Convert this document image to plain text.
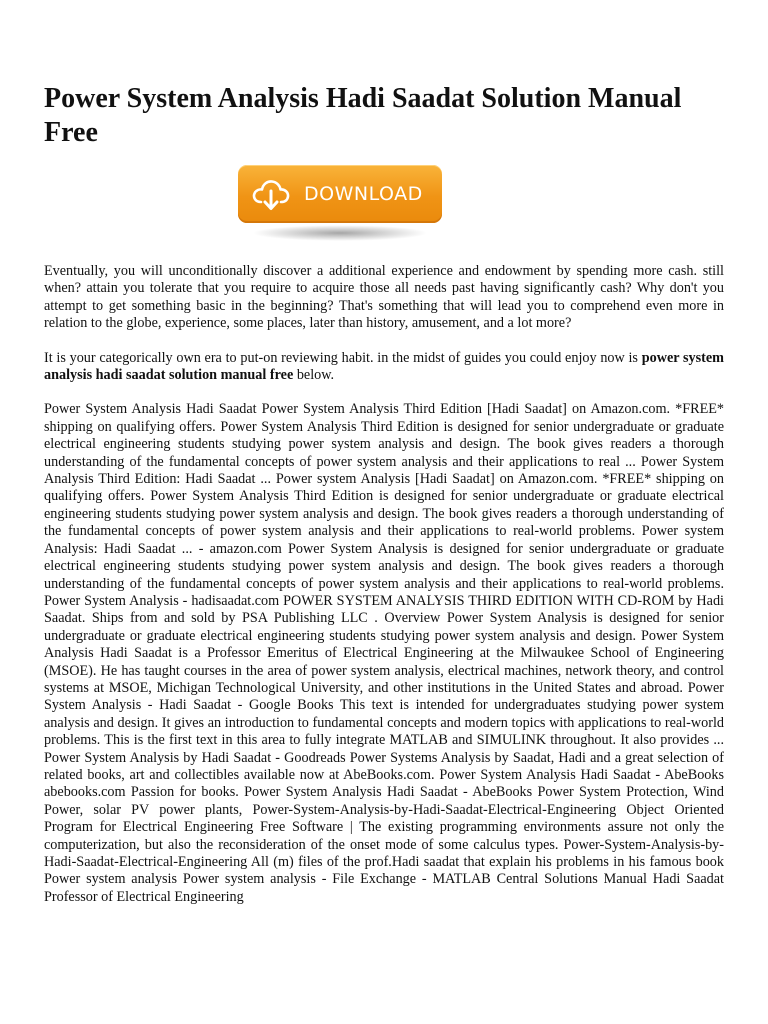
Power System Analysis Hadi Saadat Solution Manual Free
DOWNLOAD

Eventually, you will unconditionally discover a additional experience and endowment by spending more cash. still when? attain you tolerate that you require to acquire those all needs past having significantly cash? Why don't you attempt to get something basic in the beginning? That's something that will lead you to comprehend even more in relation to the globe, experience, some places, later than history, amusement, and a lot more?

It is your categorically own era to put-on reviewing habit. in the midst of guides you could enjoy now is power system analysis hadi saadat solution manual free below.

Power System Analysis Hadi Saadat Power System Analysis Third Edition [Hadi Saadat] on Amazon.com. *FREE* shipping on qualifying offers. Power System Analysis Third Edition is designed for senior undergraduate or graduate electrical engineering students studying power system analysis and design. The book gives readers a thorough understanding of the fundamental concepts of power system analysis and their applications to real ... Power System Analysis Third Edition: Hadi Saadat ... Power system Analysis [Hadi Saadat] on Amazon.com. *FREE* shipping on qualifying offers. Power System Analysis Third Edition is designed for senior undergraduate or graduate electrical engineering students studying power system analysis and design. The book gives readers a thorough understanding of the fundamental concepts of power system analysis and their applications to real-world problems. Power system Analysis: Hadi Saadat ... - amazon.com Power System Analysis is designed for senior undergraduate or graduate electrical engineering students studying power system analysis and design. The book gives readers a thorough understanding of the fundamental concepts of power system analysis and their applications to real-world problems. Power System Analysis - hadisaadat.com POWER SYSTEM ANALYSIS THIRD EDITION WITH CD-ROM by Hadi Saadat. Ships from and sold by PSA Publishing LLC . Overview Power System Analysis is designed for senior undergraduate or graduate electrical engineering students studying power system analysis and design. Power System Analysis Hadi Saadat is a Professor Emeritus of Electrical Engineering at the Milwaukee School of Engineering (MSOE). He has taught courses in the area of power system analysis, electrical machines, network theory, and control systems at MSOE, Michigan Technological University, and other institutions in the United States and abroad. Power System Analysis - Hadi Saadat - Google Books This text is intended for undergraduates studying power system analysis and design. It gives an introduction to fundamental concepts and modern topics with applications to real-world problems. This is the first text in this area to fully integrate MATLAB and SIMULINK throughout. It also provides ... Power System Analysis by Hadi Saadat - Goodreads Power Systems Analysis by Saadat, Hadi and a great selection of related books, art and collectibles available now at AbeBooks.com. Power System Analysis Hadi Saadat - AbeBooks abebooks.com Passion for books. Power System Analysis Hadi Saadat - AbeBooks Power System Protection, Wind Power, solar PV power plants, Power-System-Analysis-by-Hadi-Saadat-Electrical-Engineering Object Oriented Program for Electrical Engineering Free Software | The existing programming environments assure not only the computerization, but also the reconsideration of the onset mode of some calculus types. Power-System-Analysis-by-Hadi-Saadat-Electrical-Engineering All (m) files of the prof.Hadi saadat that explain his problems in his famous book Power system analysis Power system analysis - File Exchange - MATLAB Central Solutions Manual Hadi Saadat Professor of Electrical Engineering
